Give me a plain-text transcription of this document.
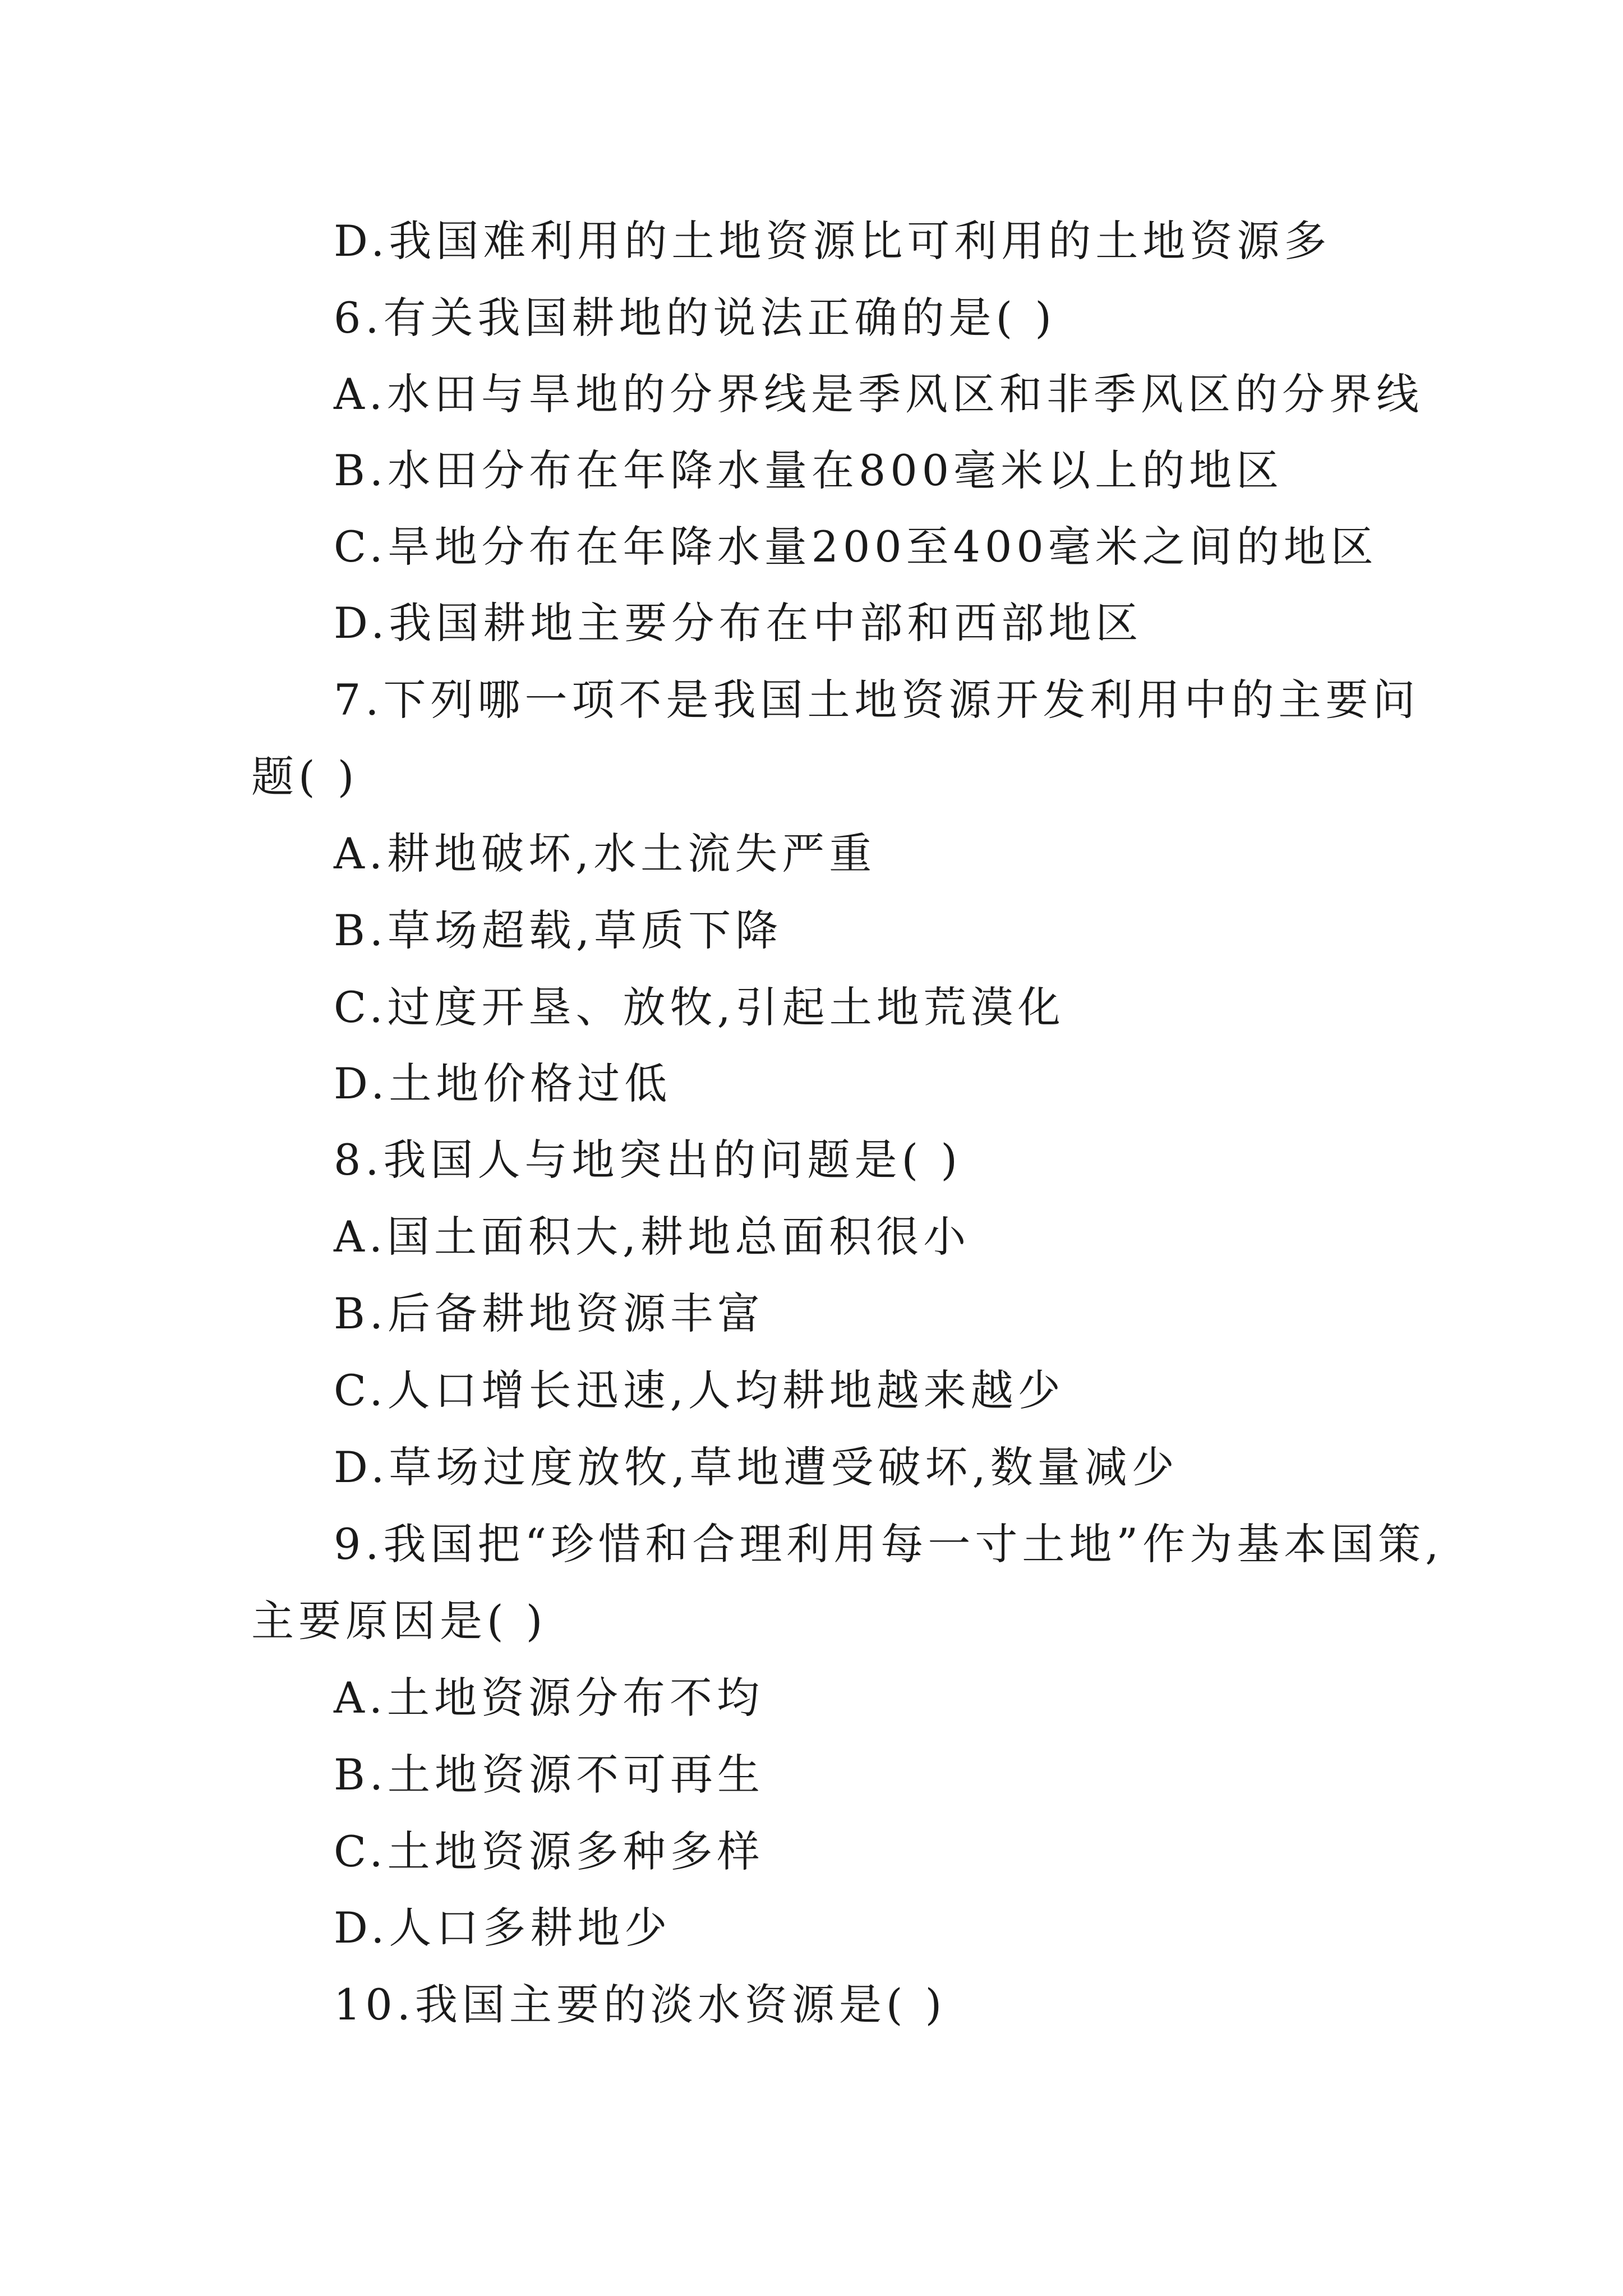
D.我国难利用的土地资源比可利用的土地资源多
6.有关我国耕地的说法正确的是( )
A.水田与旱地的分界线是季风区和非季风区的分界线
B.水田分布在年降水量在800毫米以上的地区
C.旱地分布在年降水量200至400毫米之间的地区
D.我国耕地主要分布在中部和西部地区
7.下列哪一项不是我国土地资源开发利用中的主要问
题( )
A.耕地破坏,水土流失严重
B.草场超载,草质下降
C.过度开垦、放牧,引起土地荒漠化
D.土地价格过低
8.我国人与地突出的问题是( )
A.国土面积大,耕地总面积很小
B.后备耕地资源丰富
C.人口增长迅速,人均耕地越来越少
D.草场过度放牧,草地遭受破坏,数量减少
9.我国把“珍惜和合理利用每一寸土地”作为基本国策,
主要原因是( )
A.土地资源分布不均
B.土地资源不可再生
C.土地资源多种多样
D.人口多耕地少
10.我国主要的淡水资源是( )
